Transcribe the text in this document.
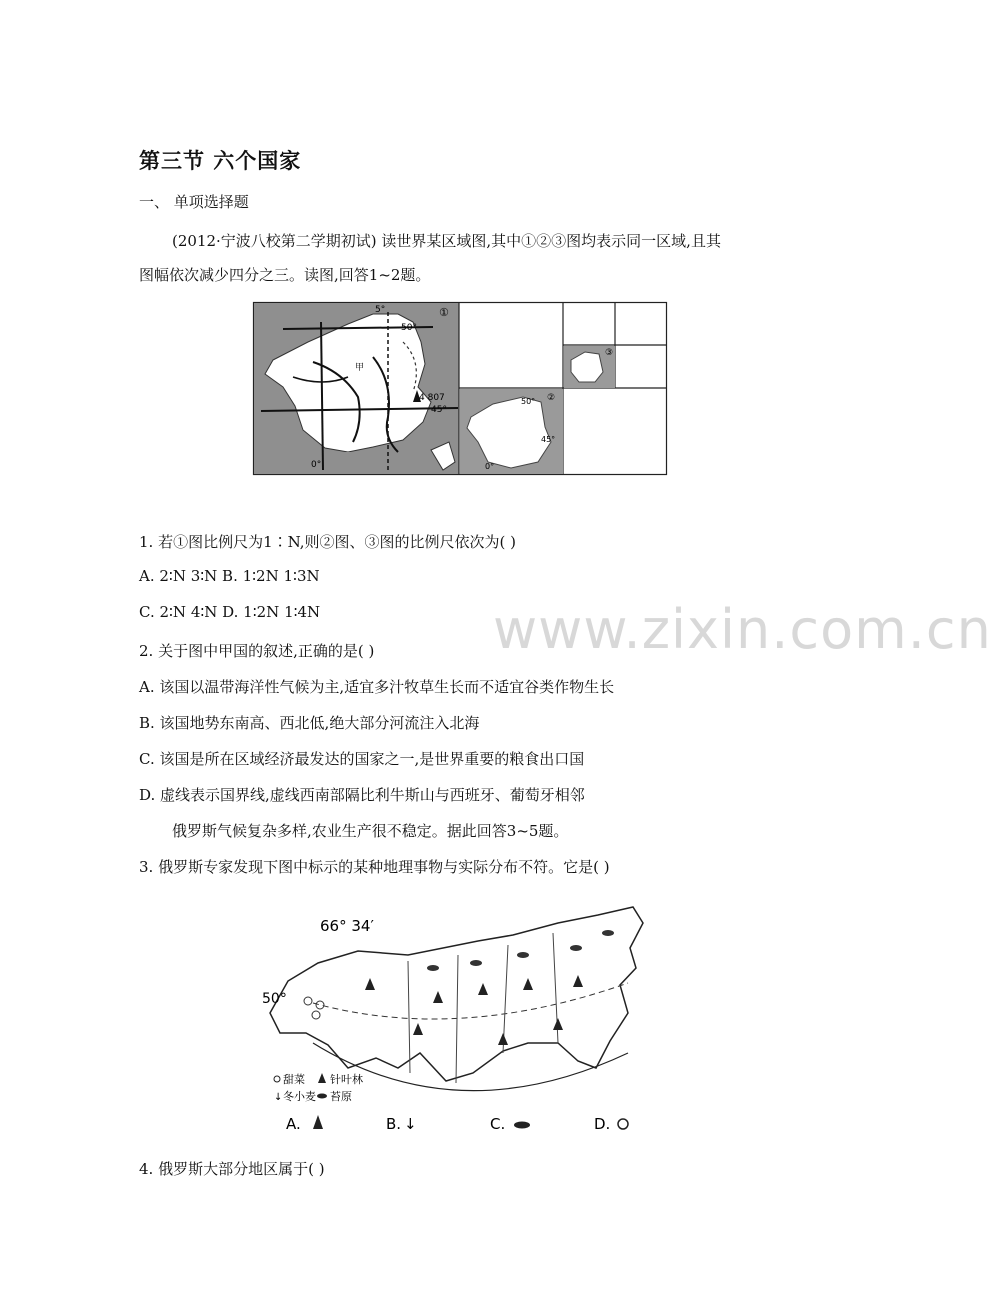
第三节 六个国家
一、 单项选择题
(2012·宁波八校第二学期初试) 读世界某区域图,其中①②③图均表示同一区域,且其
图幅依次减少四分之三。读图,回答1~2题。
①
5°
50°
45°
0°
4 807
甲
②
50°
45°
0°
③
1. 若①图比例尺为1∶N,则②图、③图的比例尺依次为( )
A. 2∶N 3∶N B. 1∶2N 1∶3N
C. 2∶N 4∶N D. 1∶2N 1∶4N	www.zixin.com.cn
2. 关于图中甲国的叙述,正确的是( )
A. 该国以温带海洋性气候为主,适宜多汁牧草生长而不适宜谷类作物生长
B. 该国地势东南高、西北低,绝大部分河流注入北海
C. 该国是所在区域经济最发达的国家之一,是世界重要的粮食出口国
D. 虚线表示国界线,虚线西南部隔比利牛斯山与西班牙、葡萄牙相邻
俄罗斯气候复杂多样,农业生产很不稳定。据此回答3~5题。
3. 俄罗斯专家发现下图中标示的某种地理事物与实际分布不符。它是( )
66° 34′
50°
甜菜 针叶林
↓ 冬小麦 苔原
A.	B. ↓	C.	D.
4. 俄罗斯大部分地区属于( )
